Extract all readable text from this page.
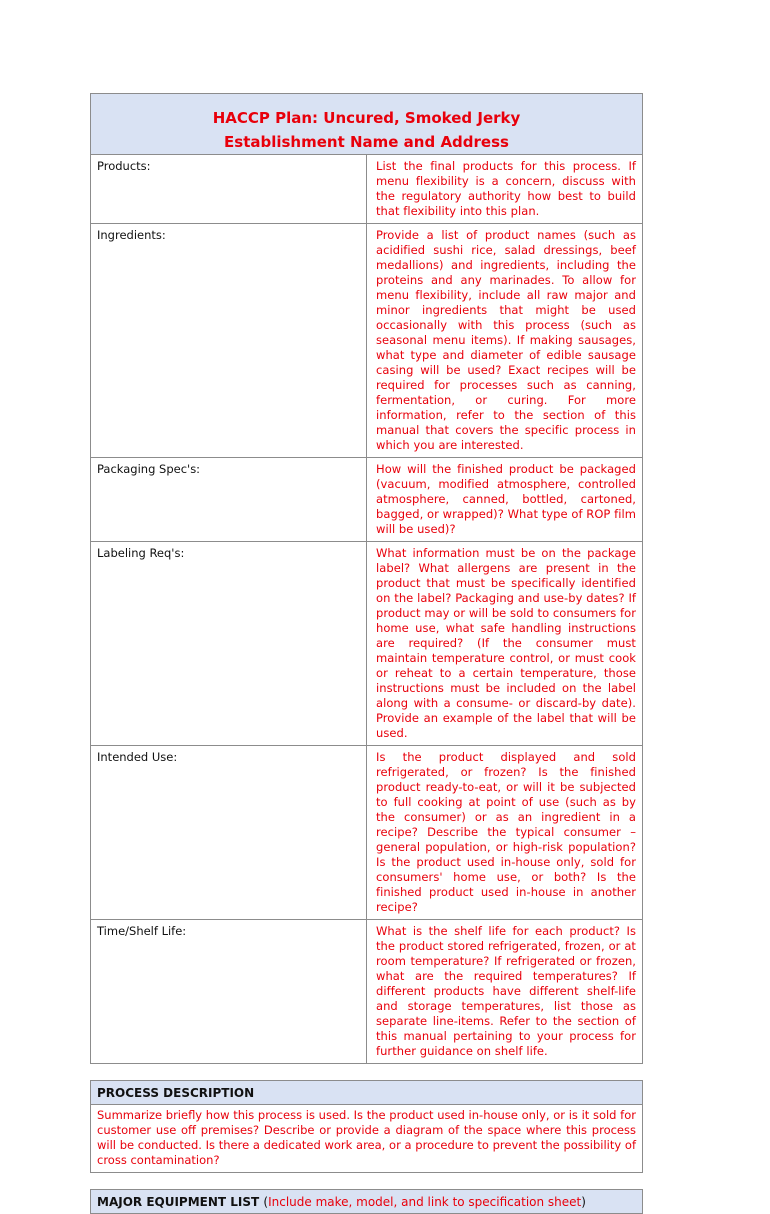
HACCP Plan: Uncured, Smoked Jerky
Establishment Name and Address	

Products:	List the final products for this process. If menu flexibility is a concern, discuss with the regulatory authority how best to build that flexibility into this plan.
Ingredients:	Provide a list of product names (such as acidified sushi rice, salad dressings, beef medallions) and ingredients, including the proteins and any marinades. To allow for menu flexibility, include all raw major and minor ingredients that might be used occasionally with this process (such as seasonal menu items). If making sausages, what type and diameter of edible sausage casing will be used? Exact recipes will be required for processes such as canning, fermentation, or curing. For more information, refer to the section of this manual that covers the specific process in which you are interested.
Packaging Spec's:	How will the finished product be packaged (vacuum, modified atmosphere, controlled atmosphere, canned, bottled, cartoned, bagged, or wrapped)? What type of ROP film will be used)?
Labeling Req's:	What information must be on the package label? What allergens are present in the product that must be specifically identified on the label? Packaging and use-by dates? If product may or will be sold to consumers for home use, what safe handling instructions are required? (If the consumer must maintain temperature control, or must cook or reheat to a certain temperature, those instructions must be included on the label along with a consume- or discard-by date). Provide an example of the label that will be used.
Intended Use:	Is the product displayed and sold refrigerated, or frozen? Is the finished product ready-to-eat, or will it be subjected to full cooking at point of use (such as by the consumer) or as an ingredient in a recipe? Describe the typical consumer – general population, or high-risk population? Is the product used in-house only, sold for consumers' home use, or both? Is the finished product used in-house in another recipe?
Time/Shelf Life:	What is the shelf life for each product? Is the product stored refrigerated, frozen, or at room temperature? If refrigerated or frozen, what are the required temperatures? If different products have different shelf-life and storage temperatures, list those as separate line-items. Refer to the section of this manual pertaining to your process for further guidance on shelf life.
PROCESS DESCRIPTION
Summarize briefly how this process is used. Is the product used in-house only, or is it sold for customer use off premises? Describe or provide a diagram of the space where this process will be conducted. Is there a dedicated work area, or a procedure to prevent the possibility of cross contamination?
MAJOR EQUIPMENT LIST (Include make, model, and link to specification sheet)
